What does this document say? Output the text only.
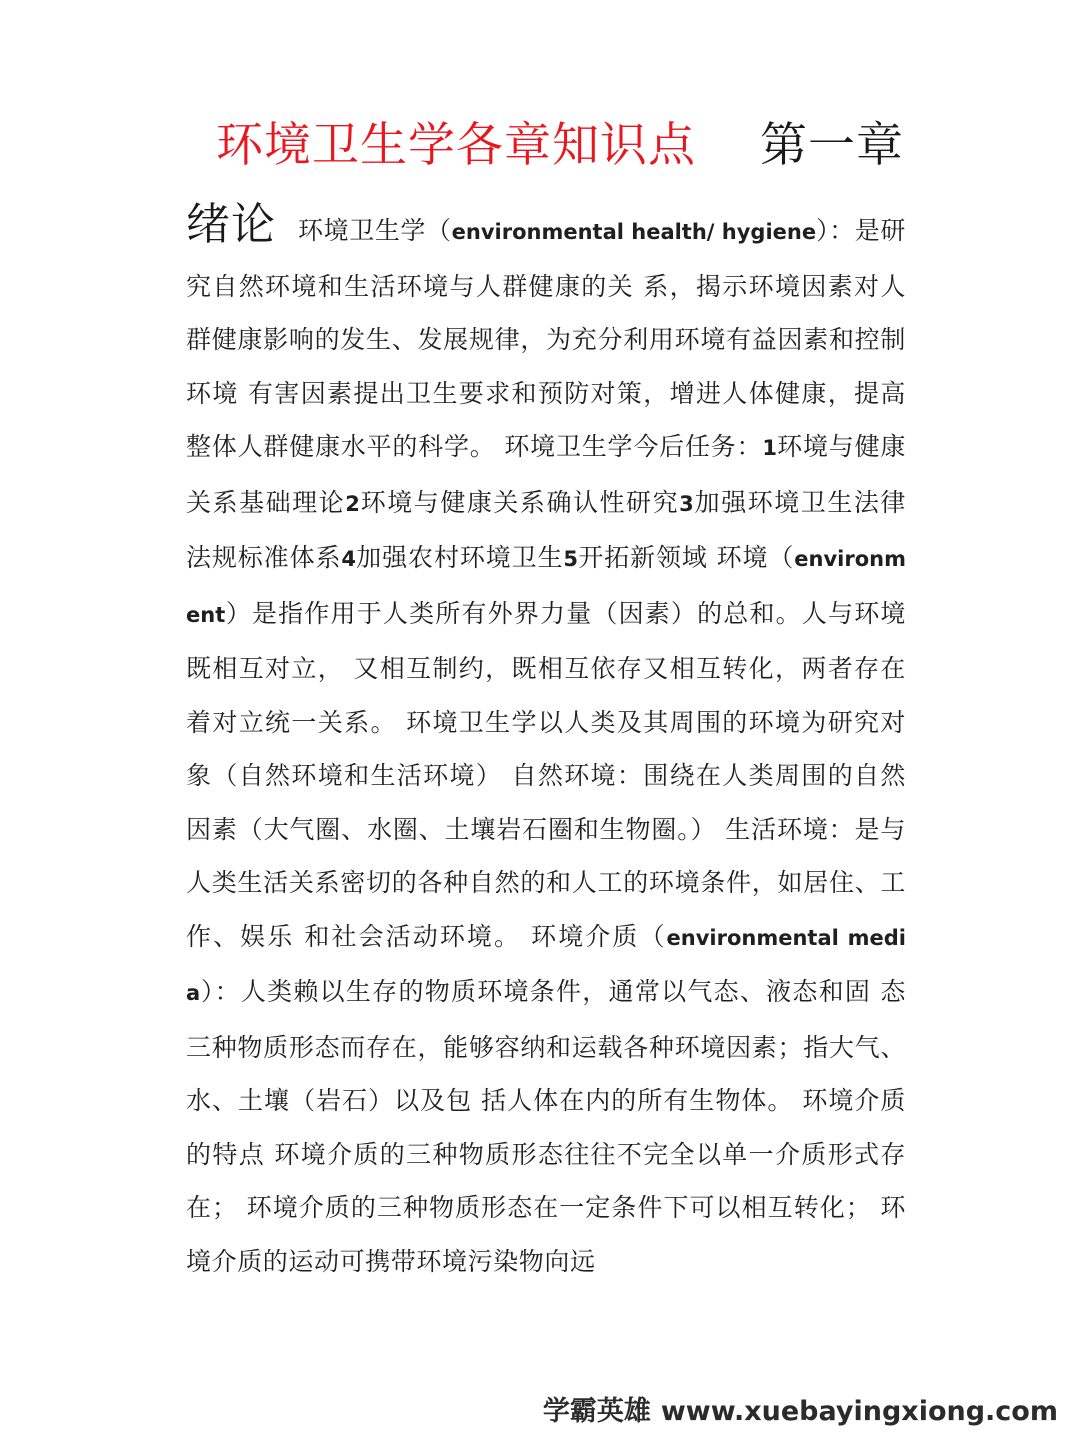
环境卫生学各章知识点 第一章

绪论 环境卫生学（environmental health/ hygiene）：是研究自然环境和生活环境与人群健康的关 系，揭示环境因素对人群健康影响的发生、发展规律，为充分利用环境有益因素和控制环境 有害因素提出卫生要求和预防对策，增进人体健康，提高整体人群健康水平的科学。 环境卫生学今后任务：1环境与健康关系基础理论2环境与健康关系确认性研究3加强环境卫生法律法规标准体系4加强农村环境卫生5开拓新领域 环境（environment）是指作用于人类所有外界力量（因素）的总和。人与环境既相互对立， 又相互制约，既相互依存又相互转化，两者存在着对立统一关系。 环境卫生学以人类及其周围的环境为研究对象（自然环境和生活环境） 自然环境：围绕在人类周围的自然因素（大气圈、水圈、土壤岩石圈和生物圈。） 生活环境：是与人类生活关系密切的各种自然的和人工的环境条件，如居住、工作、娱乐 和社会活动环境。 环境介质（environmental media）：人类赖以生存的物质环境条件，通常以气态、液态和固 态三种物质形态而存在，能够容纳和运载各种环境因素；指大气、水、土壤（岩石）以及包 括人体在内的所有生物体。 环境介质的特点 环境介质的三种物质形态往往不完全以单一介质形式存在； 环境介质的三种物质形态在一定条件下可以相互转化； 环境介质的运动可携带环境污染物向远

学霸英雄 www.xuebayingxiong.com
